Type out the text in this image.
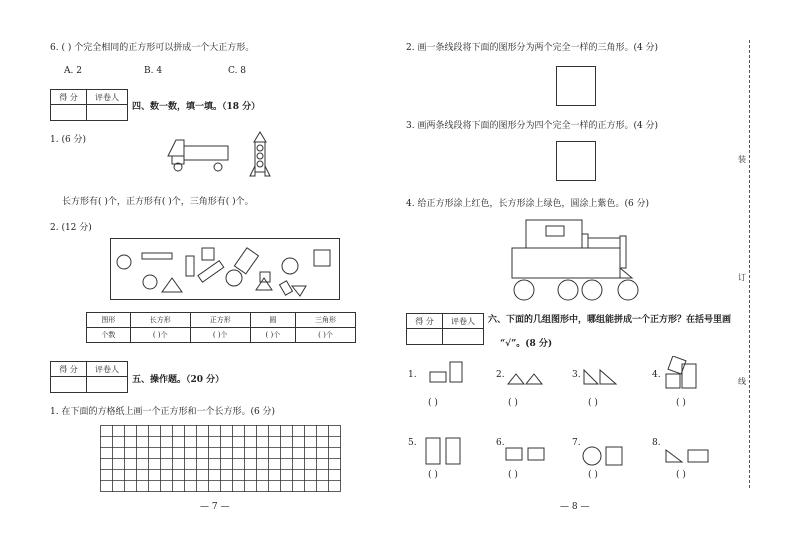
6. ( ) 个完全相同的正方形可以拼成一个大正方形。
A. 2	B. 4	C. 8
得 分	评卷人
四、数一数，填一填。（18 分）
1. (6 分)
长方形有( )个，正方形有( )个，三角形有( )个。
2. (12 分)
图形	长方形	正方形	圆	三角形
个数	( )个	( )个	( )个	( )个
得 分	评卷人
五、操作题。（20 分）
1. 在下面的方格纸上画一个正方形和一个长方形。(6 分)
— 7 —
2. 画一条线段将下面的图形分为两个完全一样的三角形。(4 分)
3. 画两条线段将下面的图形分为四个完全一样的正方形。(4 分)
4. 给正方形涂上红色，长方形涂上绿色，圆涂上紫色。(6 分)
得 分	评卷人	六、下面的几组图形中，哪组能拼成一个正方形？在括号里画
“√”。(8 分)
1.
( )
2.
( )
3.
( )
4.
( )
5.
( )
6.
( )
7.
( )
8.
( )
— 8 —
装
订
线
